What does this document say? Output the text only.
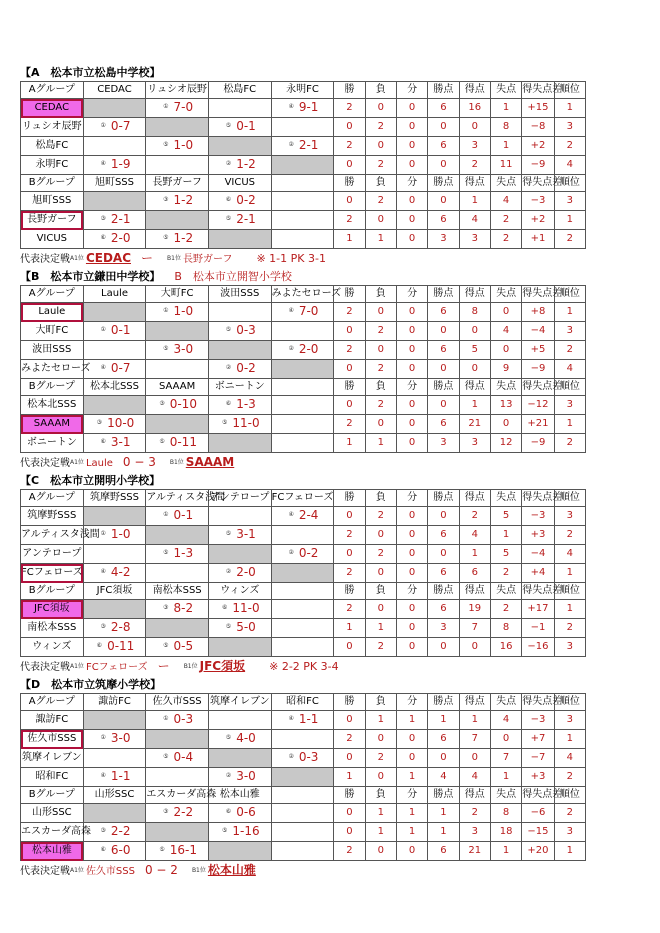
【A　松本市立松島中学校】
Aグループ	CEDAC	リュシオ辰野	松島FC	永明FC	勝	負	分	勝点	得点	失点	得失点差	順位
CEDAC		① 7-0		④ 9-1	2	0	0	6	16	1	+15	1
リュシオ辰野	① 0-7		⑤ 0-1		0	2	0	0	0	8	−8	3
松島FC		⑤ 1-0		② 2-1	2	0	0	6	3	1	+2	2
永明FC	④ 1-9		② 1-2		0	2	0	0	2	11	−9	4
Bグループ	旭町SSS	長野ガーフ	VICUS		勝	負	分	勝点	得点	失点	得失点差	順位
旭町SSS		③ 1-2	⑥ 0-2		0	2	0	0	1	4	−3	3
長野ガーフ	③ 2-1		⑤ 2-1		2	0	0	6	4	2	+2	1
VICUS	⑥ 2-0	⑤ 1-2			1	1	0	3	3	2	+1	2
代表決定戦$^{A1位}$ CEDAC ー $^{B1位}$ 長野ガーフ ※ 1-1 PK 3-1
【B　松本市立鎌田中学校】 B　松本市立開智小学校
Aグループ	Laule	大町FC	波田SSS	みよたセローズ	勝	負	分	勝点	得点	失点	得失点差	順位
Laule		① 1-0		④ 7-0	2	0	0	6	8	0	+8	1
大町FC	① 0-1		⑤ 0-3		0	2	0	0	0	4	−4	3
波田SSS		⑤ 3-0		② 2-0	2	0	0	6	5	0	+5	2
みよたセローズ	④ 0-7		② 0-2		0	2	0	0	0	9	−9	4
Bグループ	松本北SSS	SAAAM	ボニートン		勝	負	分	勝点	得点	失点	得失点差	順位
松本北SSS		③ 0-10	⑥ 1-3		0	2	0	0	1	13	−12	3
SAAAM	③ 10-0		⑤ 11-0		2	0	0	6	21	0	+21	1
ボニートン	⑥ 3-1	⑤ 0-11			1	1	0	3	3	12	−9	2
代表決定戦$^{A1位}$ Laule 0 − 3 $^{B1位}$ SAAAM
【C　松本市立開明小学校】
Aグループ	筑摩野SSS	アルティスタ浅間	アンテロープ	FCフェローズ	勝	負	分	勝点	得点	失点	得失点差	順位
筑摩野SSS		① 0-1		④ 2-4	0	2	0	0	2	5	−3	3
アルティスタ浅間	① 1-0		⑤ 3-1		2	0	0	6	4	1	+3	2
アンテロープ		⑤ 1-3		② 0-2	0	2	0	0	1	5	−4	4
FCフェローズ	④ 4-2		② 2-0		2	0	0	6	6	2	+4	1
Bグループ	JFC須坂	南松本SSS	ウィンズ		勝	負	分	勝点	得点	失点	得失点差	順位
JFC須坂		③ 8-2	⑥ 11-0		2	0	0	6	19	2	+17	1
南松本SSS	③ 2-8		⑤ 5-0		1	1	0	3	7	8	−1	2
ウィンズ	⑥ 0-11	⑤ 0-5			0	2	0	0	0	16	−16	3
代表決定戦$^{A1位}$ FCフェローズ ー $^{B1位}$ JFC須坂 ※ 2-2 PK 3-4
【D　松本市立筑摩小学校】
Aグループ	諏訪FC	佐久市SSS	筑摩イレブン	昭和FC	勝	負	分	勝点	得点	失点	得失点差	順位
諏訪FC		① 0-3		④ 1-1	0	1	1	1	1	4	−3	3
佐久市SSS	① 3-0		⑤ 4-0		2	0	0	6	7	0	+7	1
筑摩イレブン		⑤ 0-4		② 0-3	0	2	0	0	0	7	−7	4
昭和FC	④ 1-1		② 3-0		1	0	1	4	4	1	+3	2
Bグループ	山形SSC	エスカーダ高森	松本山雅		勝	負	分	勝点	得点	失点	得失点差	順位
山形SSC		③ 2-2	⑥ 0-6		0	1	1	1	2	8	−6	2
エスカーダ高森	③ 2-2		⑤ 1-16		0	1	1	1	3	18	−15	3
松本山雅	⑥ 6-0	⑤ 16-1			2	0	0	6	21	1	+20	1
代表決定戦$^{A1位}$ 佐久市SSS 0 − 2 $^{B1位}$ 松本山雅
